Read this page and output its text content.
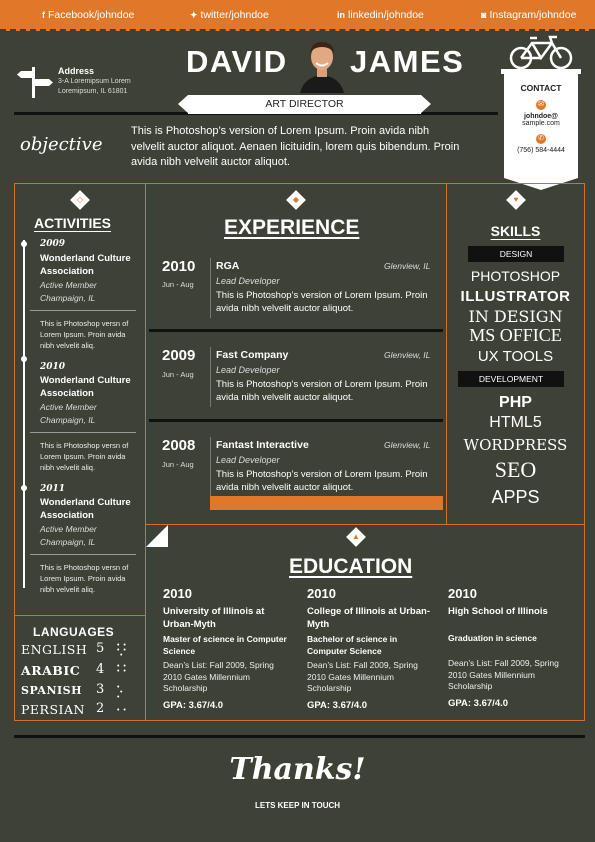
f Facebook/johndoe	✦ twitter/johndoe	in linkedin/johndoe	◙ Instagram/johndoe
Address
3-A Loremipsum Lorem
Loremipsum, IL 61801
DAVID JAMES
ART DIRECTOR
CONTACT
✉
johndoe@
sample.com
✆
(756) 584-4444
objective
This is Photoshop’s version of Lorem Ipsum. Proin avida nibh velvelit auctor aliquot. Aenaen licituidin, lorem quis bibendum. Proin avida nibh velvelit auctor aliquot.
◇
ACTIVITIES
2009
Wonderland Culture Association
Active Member
Champaign, IL
This is Photoshop versn of Lorem Ipsum. Proin avida nibh velvelit aliq.
2010
Wonderland Culture Association
Active Member
Champaign, IL
This is Photoshop versn of Lorem Ipsum. Proin avida nibh velvelit aliq.
2011
Wonderland Culture Association
Active Member
Champaign, IL
This is Photoshop versn of Lorem Ipsum. Proin avida nibh velvelit aliq.
LANGUAGES
ENGLISH 5 • •
• •
•
ARABIC 4 • •
• •
SPANISH 3 •
•
•
PERSIAN 2 • •
◆
EXPERIENCE
2010
Jun - Aug
RGA	Glenview, IL
Lead Developer
This is Photoshop’s version of Lorem Ipsum. Proin avida nibh velvelit auctor aliquot.
2009
Jun - Aug
Fast Company	Glenview, IL
Lead Developer
This is Photoshop’s version of Lorem Ipsum. Proin avida nibh velvelit auctor aliquot.
2008
Jun - Aug
Fantast Interactive	Glenview, IL
Lead Developer
This is Photoshop’s version of Lorem Ipsum. Proin avida nibh velvelit auctor aliquot.
♥
SKILLS
DESIGN
PHOTOSHOP
ILLUSTRATOR
IN DESIGN
MS OFFICE
UX TOOLS
DEVELOPMENT
PHP
HTML5
WORDPRESS
SEO
APPS
▲
EDUCATION
2010
University of Illinois at Urban-Myth
Master of science in Computer Science
Dean’s List: Fall 2009, Spring 2010 Gates Millennium Scholarship
GPA: 3.67/4.0
2010
College of Illinois at Urban-Myth
Bachelor of science in Computer Science
Dean’s List: Fall 2009, Spring 2010 Gates Millennium Scholarship
GPA: 3.67/4.0
2010
High School of Illinois
Graduation in science
Dean’s List: Fall 2009, Spring 2010 Gates Millennium Scholarship
GPA: 3.67/4.0
Thanks!
LETS KEEP IN TOUCH
